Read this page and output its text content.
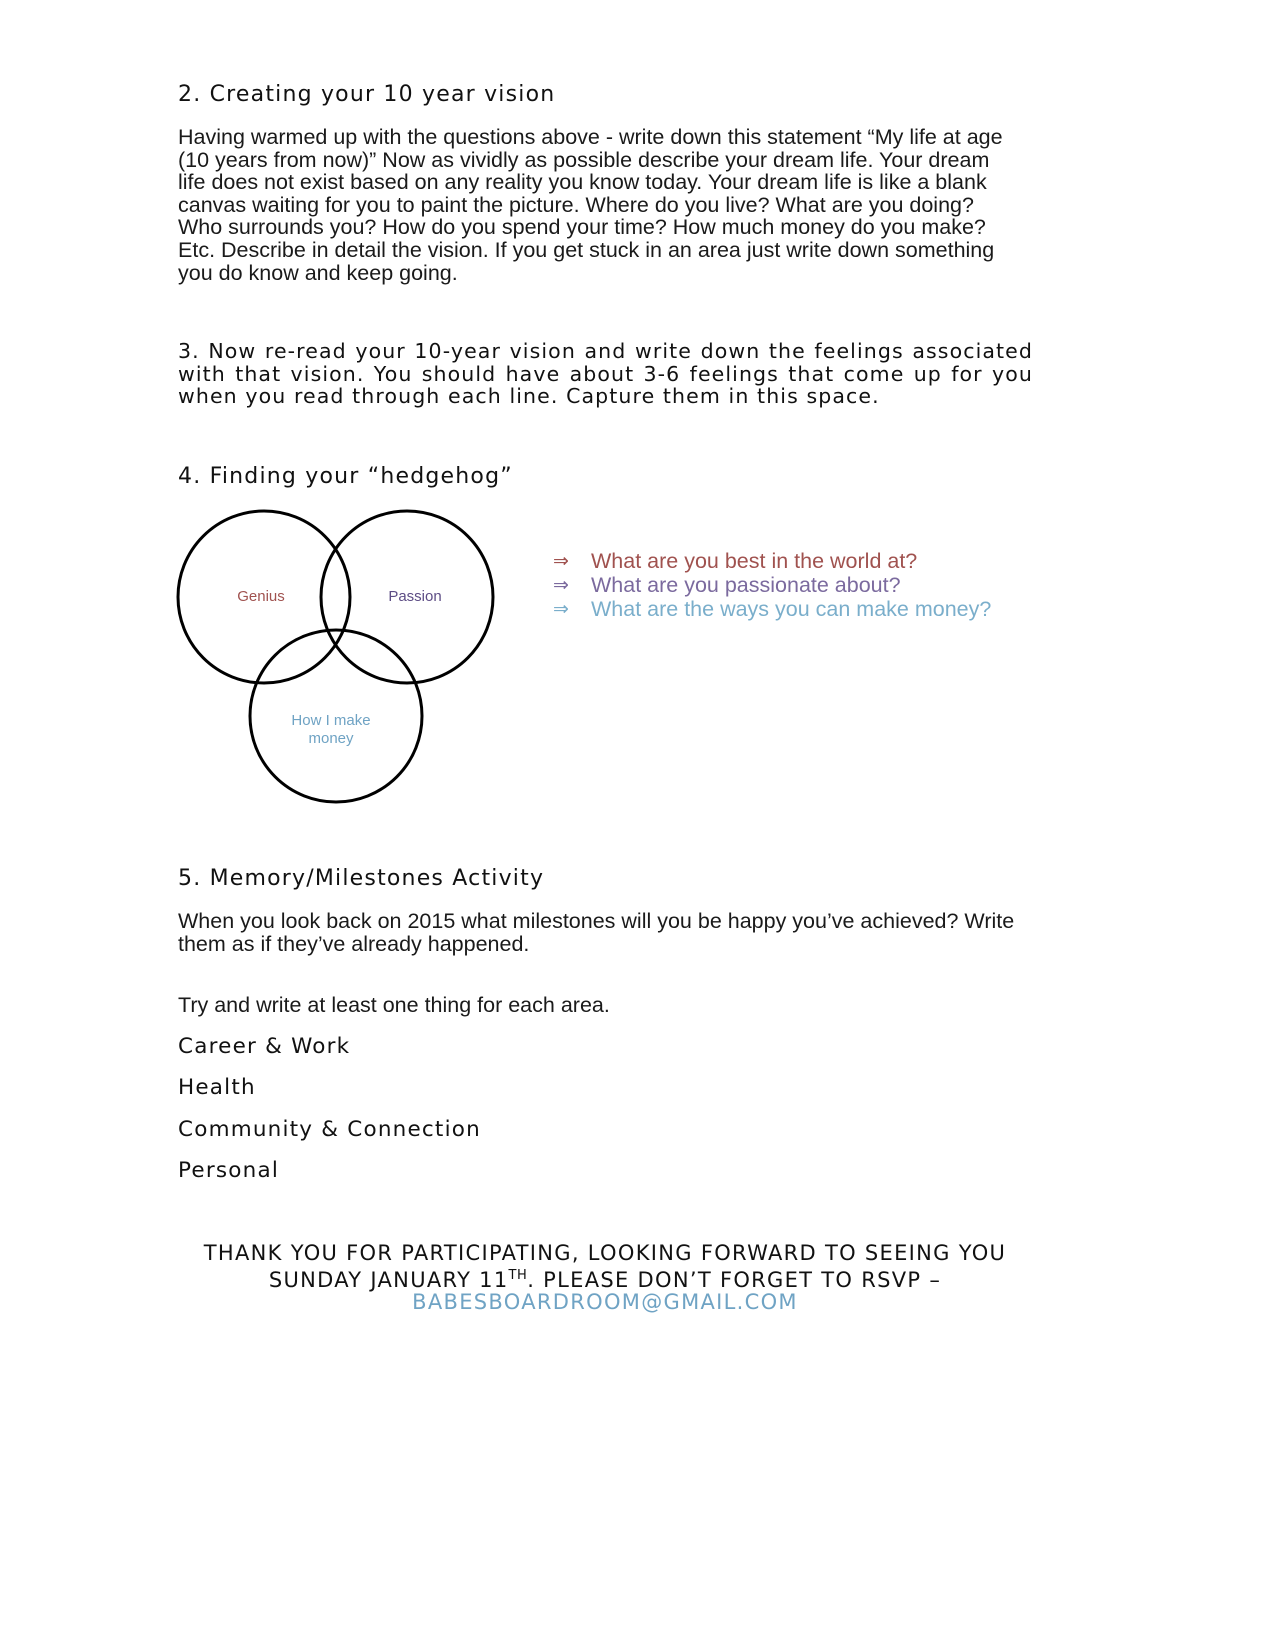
2. Creating your 10 year vision
Having warmed up with the questions above - write down this statement “My life at age
(10 years from now)” Now as vividly as possible describe your dream life. Your dream
life does not exist based on any reality you know today. Your dream life is like a blank
canvas waiting for you to paint the picture. Where do you live? What are you doing?
Who surrounds you? How do you spend your time? How much money do you make?
Etc. Describe in detail the vision. If you get stuck in an area just write down something
you do know and keep going.
3. Now re-read your 10-year vision and write down the feelings associated
with that vision. You should have about 3-6 feelings that come up for you
when you read through each line. Capture them in this space.
4. Finding your “hedgehog”
Genius	Passion
How I make
money
⇒	What are you best in the world at?
⇒	What are you passionate about?
⇒	What are the ways you can make money?
5. Memory/Milestones Activity
When you look back on 2015 what milestones will you be happy you’ve achieved? Write
them as if they’ve already happened.
Try and write at least one thing for each area.
Career & Work
Health
Community & Connection
Personal
THANK YOU FOR PARTICIPATING, LOOKING FORWARD TO SEEING YOU
SUNDAY JANUARY 11TH. PLEASE DON’T FORGET TO RSVP –
BABESBOARDROOM@GMAIL.COM
